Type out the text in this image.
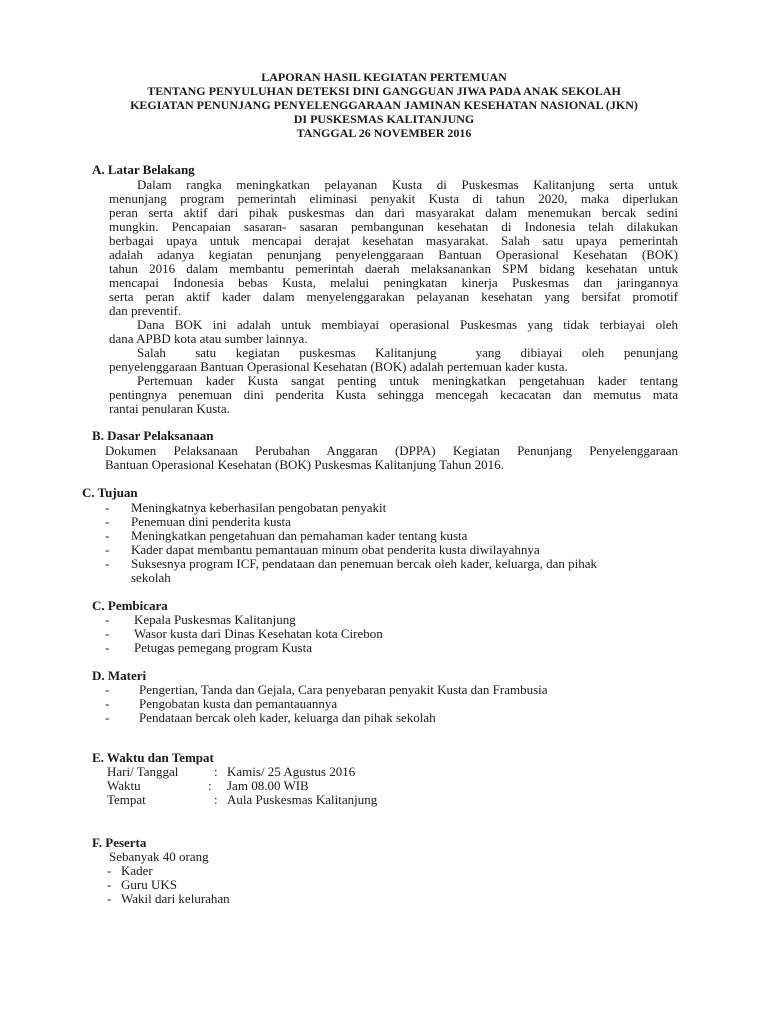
LAPORAN HASIL KEGIATAN PERTEMUAN
TENTANG PENYULUHAN DETEKSI DINI GANGGUAN JIWA PADA ANAK SEKOLAH
KEGIATAN PENUNJANG PENYELENGGARAAN JAMINAN KESEHATAN NASIONAL (JKN)
DI PUSKESMAS KALITANJUNG
TANGGAL 26 NOVEMBER 2016
A. Latar Belakang
Dalam rangka meningkatkan pelayanan Kusta di Puskesmas Kalitanjung serta untuk
menunjang program pemerintah eliminasi penyakit Kusta di tahun 2020, maka diperlukan
peran serta aktif dari pihak puskesmas dan dari masyarakat dalam menemukan bercak sedini
mungkin. Pencapaian sasaran- sasaran pembangunan kesehatan di Indonesia telah dilakukan
berbagai upaya untuk mencapai derajat kesehatan masyarakat. Salah satu upaya pemerintah
adalah adanya kegiatan penunjang penyelenggaraan Bantuan Operasional Kesehatan (BOK)
tahun 2016 dalam membantu pemerintah daerah melaksanankan SPM bidang kesehatan untuk
mencapai Indonesia bebas Kusta, melalui peningkatan kinerja Puskesmas dan jaringannya
serta peran aktif kader dalam menyelenggarakan pelayanan kesehatan yang bersifat promotif
dan preventif.
Dana BOK ini adalah untuk membiayai operasional Puskesmas yang tidak terbiayai oleh
dana APBD kota atau sumber lainnya.
Salah   satu  kegiatan  puskesmas  Kalitanjung    yang  dibiayai  oleh  penunjang
penyelenggaraan Bantuan Operasional Kesehatan (BOK) adalah pertemuan kader kusta.
Pertemuan kader Kusta sangat penting untuk meningkatkan pengetahuan kader tentang
pentingnya penemuan dini penderita Kusta sehingga mencegah kecacatan dan memutus mata
rantai penularan Kusta.
B. Dasar Pelaksanaan
Dokumen Pelaksanaan Perubahan Anggaran (DPPA) Kegiatan Penunjang Penyelenggaraan
Bantuan Operasional Kesehatan (BOK) Puskesmas Kalitanjung Tahun 2016.
C. Tujuan
- Meningkatnya keberhasilan pengobatan penyakit
- Penemuan dini penderita kusta
- Meningkatkan pengetahuan dan pemahaman kader tentang kusta
- Kader dapat membantu pemantauan minum obat penderita kusta diwilayahnya
- Suksesnya program ICF, pendataan dan penemuan bercak oleh kader, keluarga, dan pihak
sekolah
C. Pembicara
- Kepala Puskesmas Kalitanjung
- Wasor kusta dari Dinas Kesehatan kota Cirebon
- Petugas pemegang program Kusta
D. Materi
- Pengertian, Tanda dan Gejala, Cara penyebaran penyakit Kusta dan Frambusia
- Pengobatan kusta dan pemantauannya
- Pendataan bercak oleh kader, keluarga dan pihak sekolah
E. Waktu dan Tempat
Hari/ Tanggal	: Kamis/ 25 Agustus 2016
Waktu	: Jam 08.00 WIB
Tempat	: Aula Puskesmas Kalitanjung
F. Peserta
Sebanyak 40 orang
- Kader
- Guru UKS
- Wakil dari kelurahan
